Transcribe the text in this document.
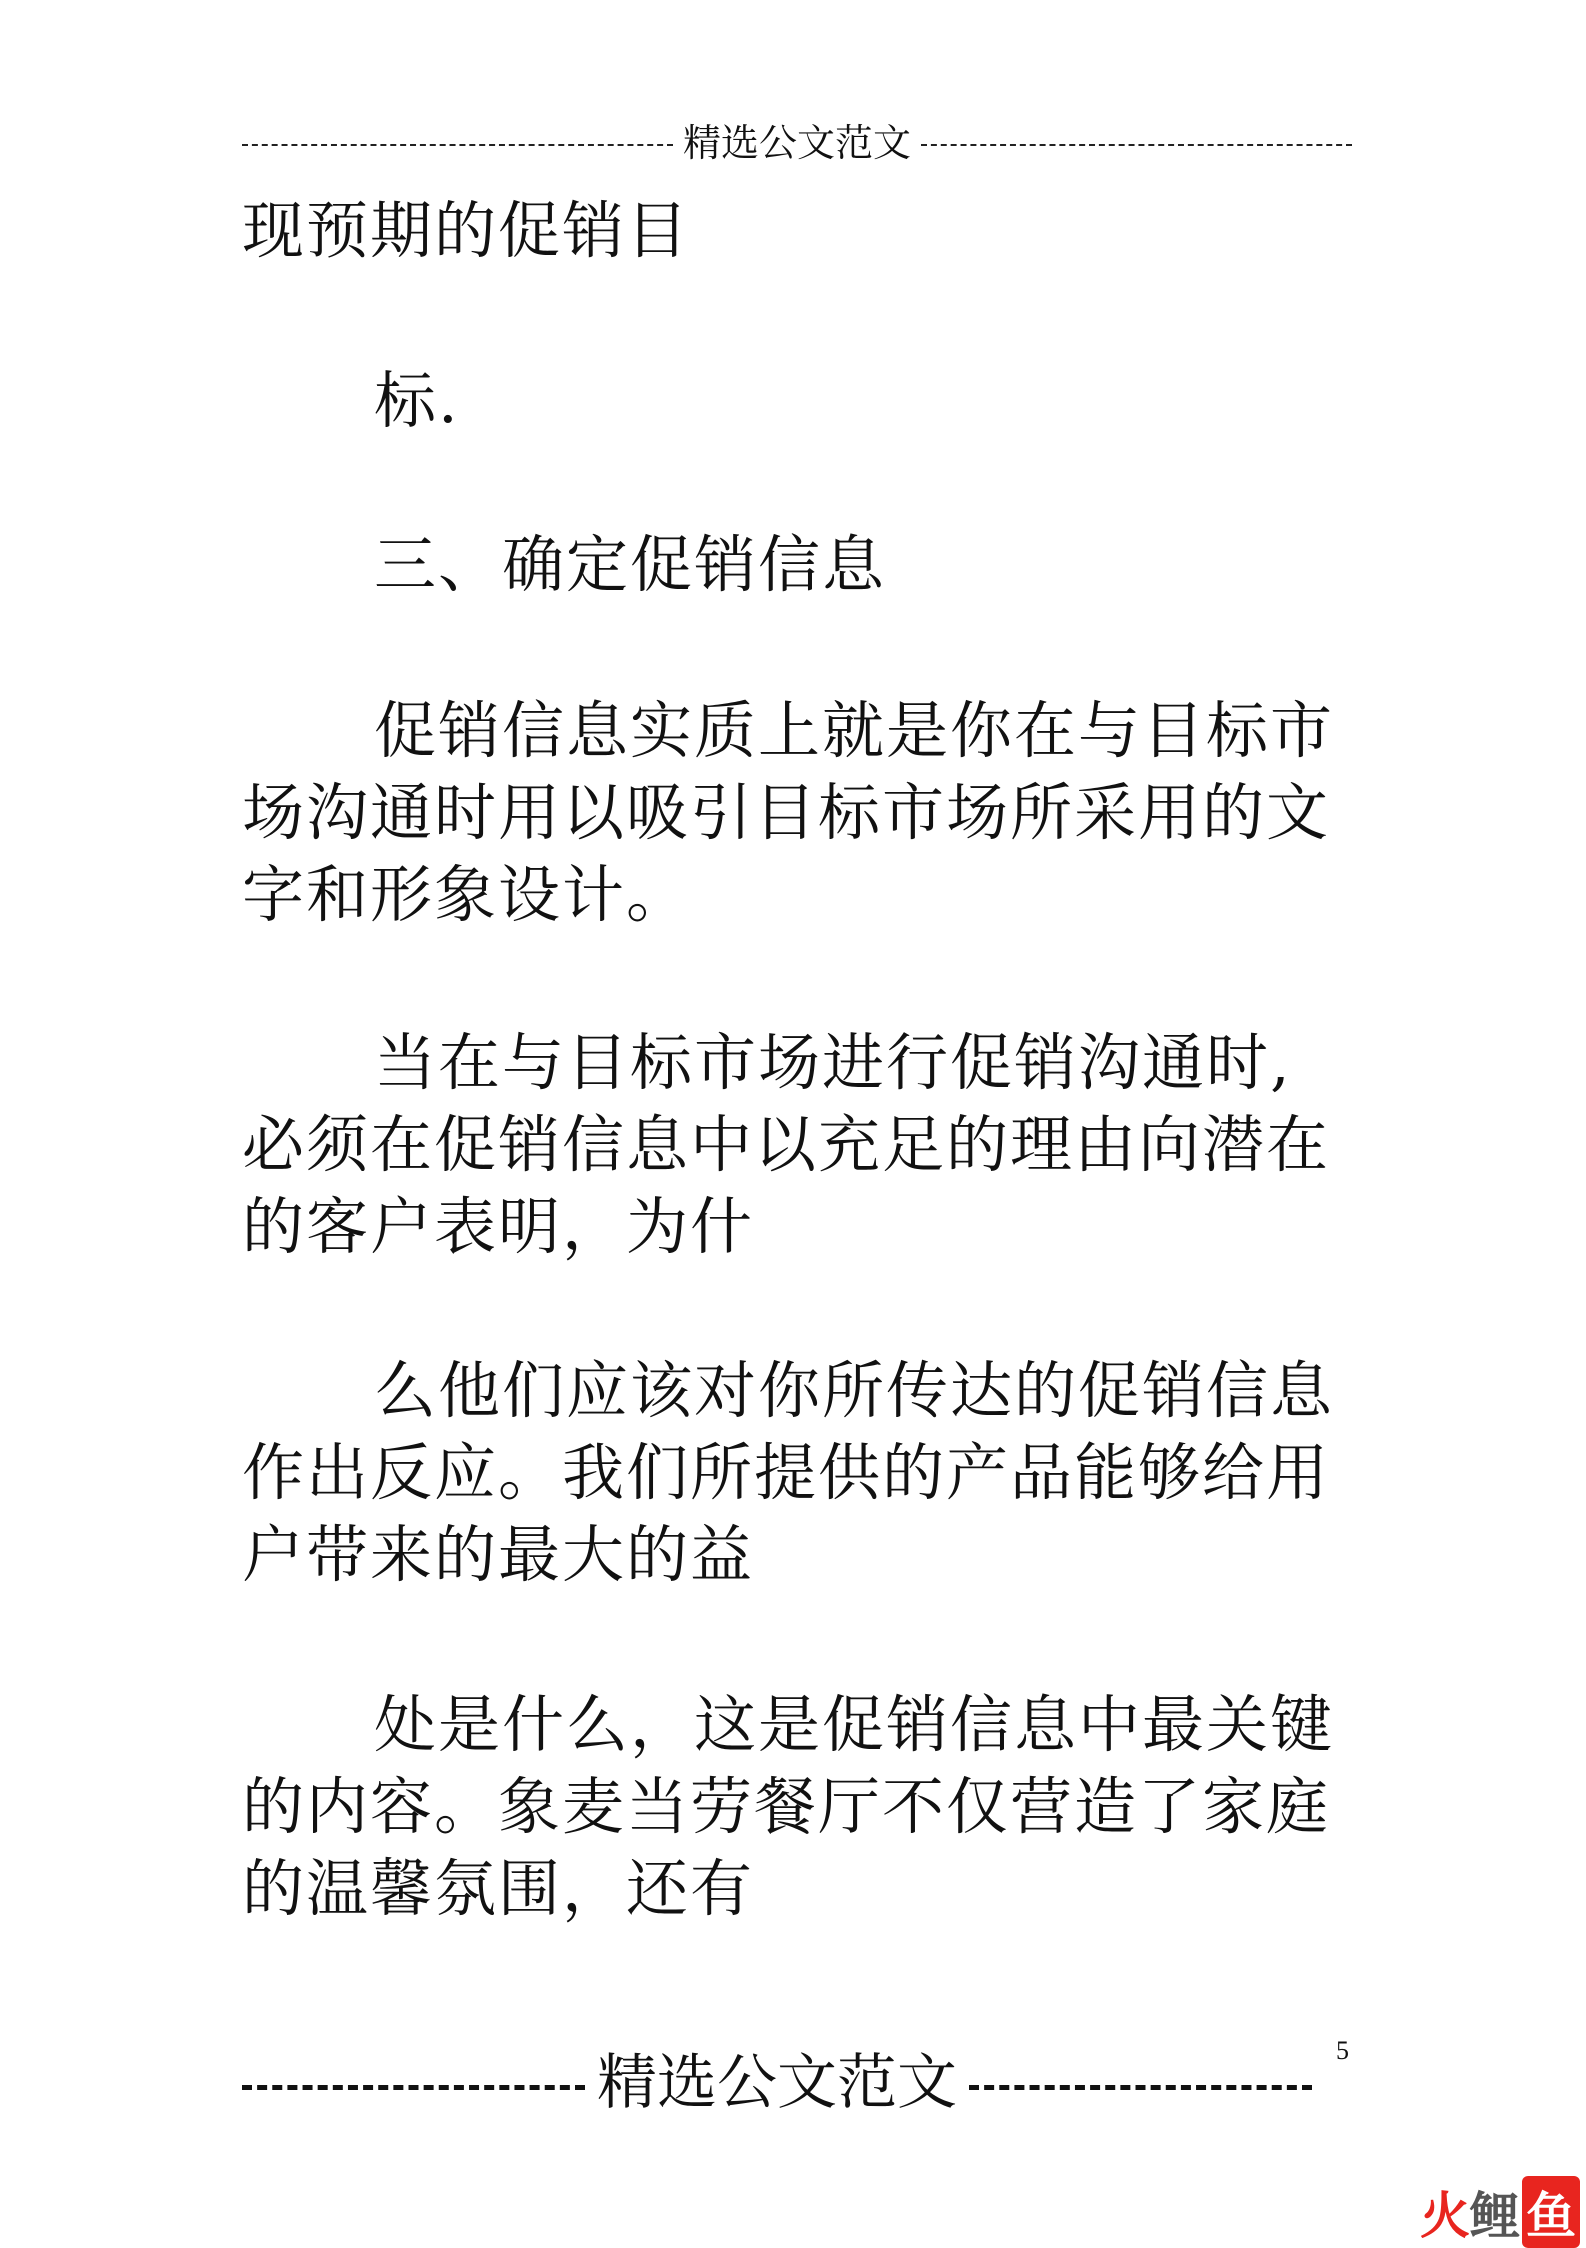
精选公文范文
现预期的促销目
标.
三、确定促销信息
促销信息实质上就是你在与目标市
场沟通时用以吸引目标市场所采用的文
字和形象设计。
当在与目标市场进行促销沟通时,
必须在促销信息中以充足的理由向潜在
的客户表明，为什
么他们应该对你所传达的促销信息
作出反应。我们所提供的产品能够给用
户带来的最大的益
处是什么，这是促销信息中最关键
的内容。象麦当劳餐厅不仅营造了家庭
的温馨氛围，还有
5
精选公文范文
火 鲤 鱼
